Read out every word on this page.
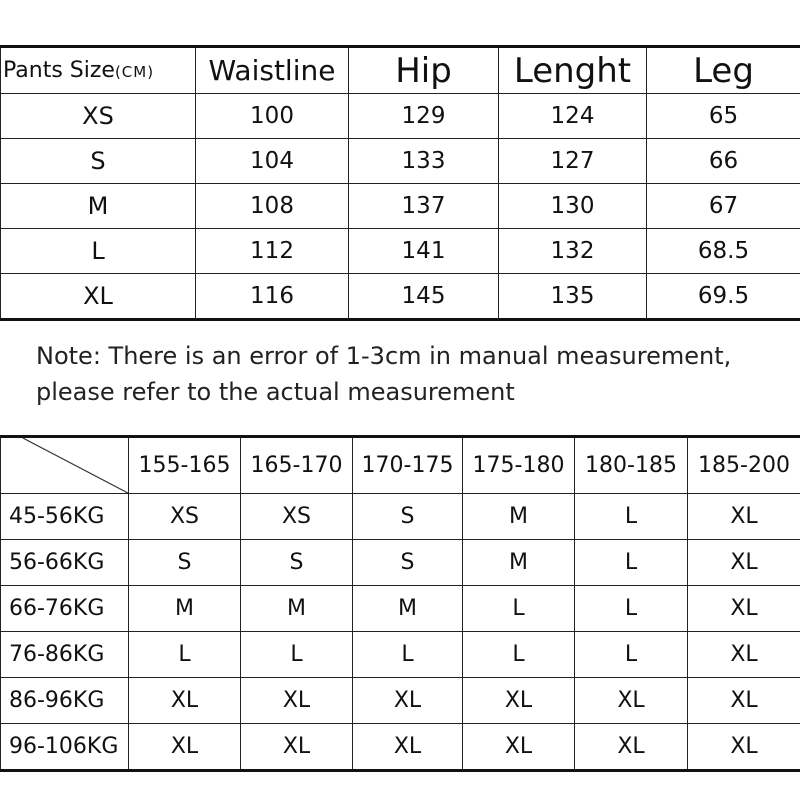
Pants Size(CM)	Waistline	Hip	Lenght	Leg
XS	100	129	124	65
S	104	133	127	66
M	108	137	130	67
L	112	141	132	68.5
XL	116	145	135	69.5
Note: There is an error of 1-3cm in manual measurement,
please refer to the actual measurement
	155-165	165-170	170-175	175-180	180-185	185-200
45-56KG	XS	XS	S	M	L	XL
56-66KG	S	S	S	M	L	XL
66-76KG	M	M	M	L	L	XL
76-86KG	L	L	L	L	L	XL
86-96KG	XL	XL	XL	XL	XL	XL
96-106KG	XL	XL	XL	XL	XL	XL
